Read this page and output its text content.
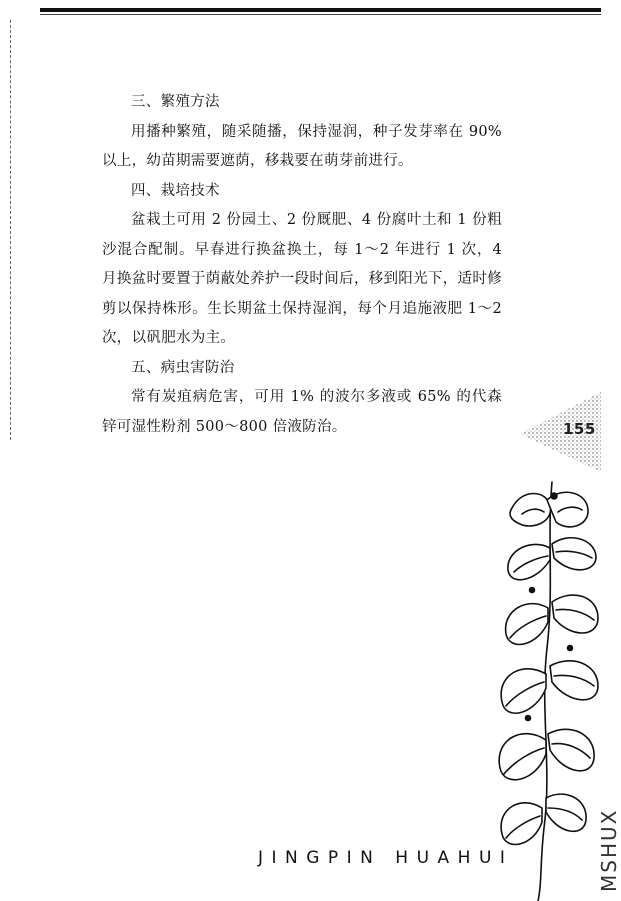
三、繁殖方法

用播种繁殖，随采随播，保持湿润，种子发芽率在 90%以上，幼苗期需要遮荫，移栽要在萌芽前进行。

四、栽培技术

盆栽土可用 2 份园土、2 份厩肥、4 份腐叶土和 1 份粗沙混合配制。早春进行换盆换土，每 1～2 年进行 1 次，4 月换盆时要置于荫蔽处养护一段时间后，移到阳光下，适时修剪以保持株形。生长期盆土保持湿润，每个月追施液肥 1～2 次，以矾肥水为主。

五、病虫害防治

常有炭疽病危害，可用 1% 的波尔多液或 65% 的代森锌可湿性粉剂 500～800 倍液防治。	155
JINGPIN HUAHUI	MSHUX
